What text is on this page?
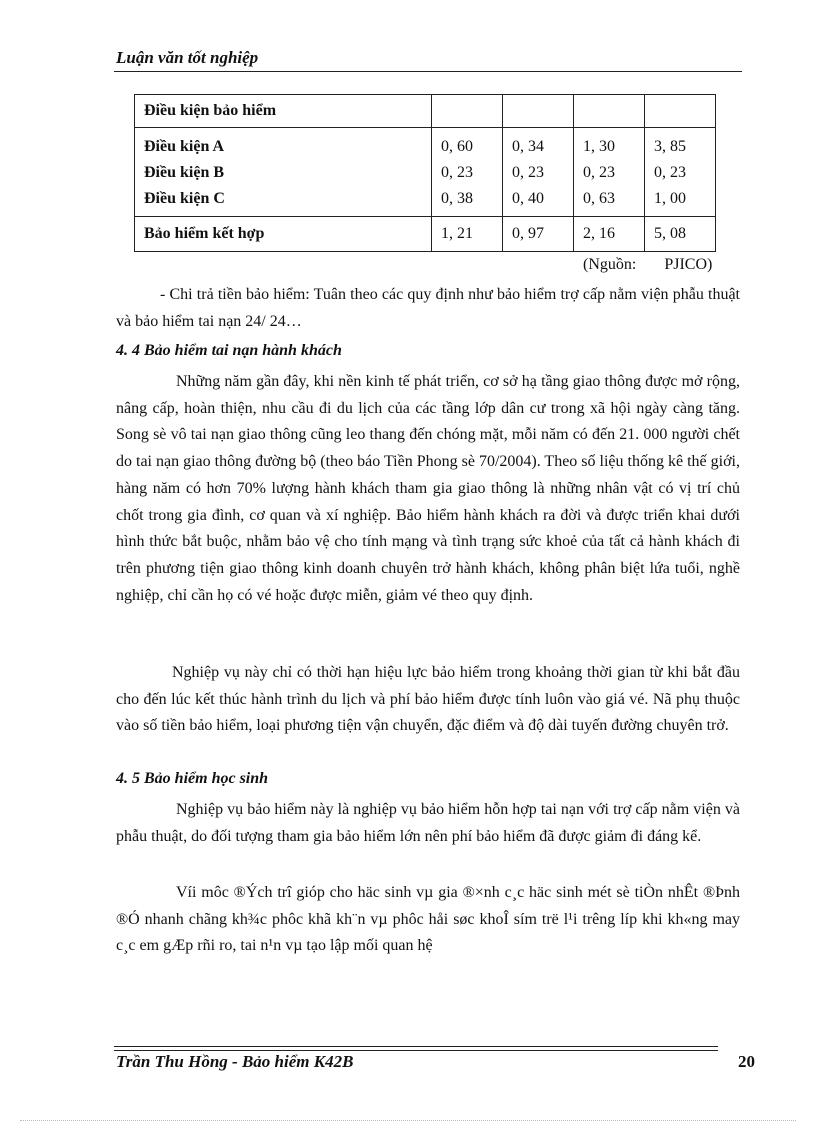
Luận văn tốt nghiệp
Điều kiện bảo hiểm				
Điều kiện A	0, 60	0, 34	1, 30	3, 85
Điều kiện B	0, 23	0, 23	0, 23	0, 23
Điều kiện C	0, 38	0, 40	0, 63	1, 00
Bảo hiểm kết hợp	1, 21	0, 97	2, 16	5, 08
(Nguồn:       PJICO)

- Chi trả tiền bảo hiểm: Tuân theo các quy định như bảo hiểm trợ cấp nằm viện phẫu thuật và bảo hiểm tai nạn 24/ 24…

4. 4 Bảo hiểm tai nạn hành khách

Những năm gần đây, khi nền kinh tế phát triển, cơ sở hạ tầng giao thông được mở rộng, nâng cấp, hoàn thiện, nhu cầu đi du lịch của các tầng lớp dân cư trong xã hội ngày càng tăng. Song sè vô tai nạn giao thông cũng leo thang đến chóng mặt, mỗi năm có đến 21. 000 người chết do tai nạn giao thông đường bộ (theo báo Tiền Phong sè 70/2004). Theo số liệu thống kê thế giới, hàng năm có hơn 70% lượng hành khách tham gia giao thông là những nhân vật có vị trí chủ chốt trong gia đình, cơ quan và xí nghiệp. Bảo hiểm hành khách ra đời và được triển khai dưới hình thức bắt buộc, nhằm bảo vệ cho tính mạng và tình trạng sức khoẻ của tất cả hành khách đi trên phương tiện giao thông kinh doanh chuyên trở hành khách, không phân biệt lứa tuổi, nghề nghiệp, chỉ cần họ có vé hoặc được miễn, giảm vé theo quy định.

Nghiệp vụ này chỉ có thời hạn hiệu lực bảo hiểm trong khoảng thời gian từ khi bắt đầu cho đến lúc kết thúc hành trình du lịch và phí bảo hiểm được tính luôn vào giá vé. Nã phụ thuộc vào số tiền bảo hiểm, loại phương tiện vận chuyển, đặc điểm và độ dài tuyến đường chuyên trở.

4. 5 Bảo hiểm học sinh

Nghiệp vụ bảo hiểm này là nghiệp vụ bảo hiểm hỗn hợp tai nạn với trợ cấp nằm viện và phẫu thuật, do đối tượng tham gia bảo hiểm lớn nên phí bảo hiểm đã được giảm đi đáng kể.

Víi môc ®Ých trî gióp cho häc sinh vµ gia ®×nh c¸c häc sinh mét sè tiÒn nhÊt ®Þnh ®Ó nhanh chãng kh¾c phôc khã kh¨n vµ phôc håi søc khoÎ sím trë l¹i trêng líp khi kh«ng may c¸c em gÆp rñi ro, tai n¹n vµ tạo lập mối quan hệ

Trần Thu Hồng - Bảo hiểm K42B	20
